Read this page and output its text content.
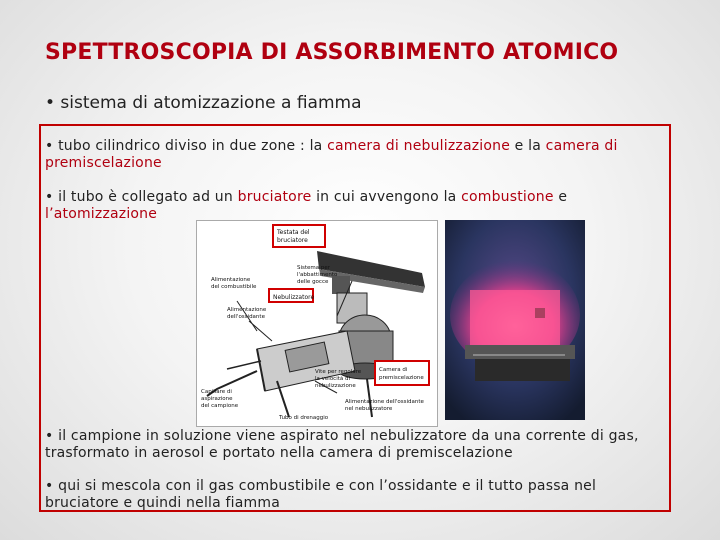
SPETTROSCOPIA DI ASSORBIMENTO ATOMICO
• sistema di atomizzazione a fiamma
• tubo cilindrico diviso in due zone : la camera di nebulizzazione e la camera di premiscelazione
• il tubo è collegato ad un bruciatore in cui avvengono la combustione e l’atomizzazione
Testata del
bruciatore
Sistema per
l'abbattimento
delle gocce
Alimentazione
del combustibile
Nebulizzatore
Alimentazione
dell'ossidante
Camera di
premiscelazione
Vite per regolare
la velocità di
nebulizzazione
Capillare di
aspirazione
del campione
Tubo di drenaggio
Alimentazione dell'ossidante
nel nebulizzatore
• il campione in soluzione viene aspirato nel nebulizzatore da una corrente di gas, trasformato in aerosol e portato nella camera di premiscelazione
• qui si mescola con il gas combustibile e con l’ossidante e il tutto passa nel bruciatore e quindi nella fiamma
